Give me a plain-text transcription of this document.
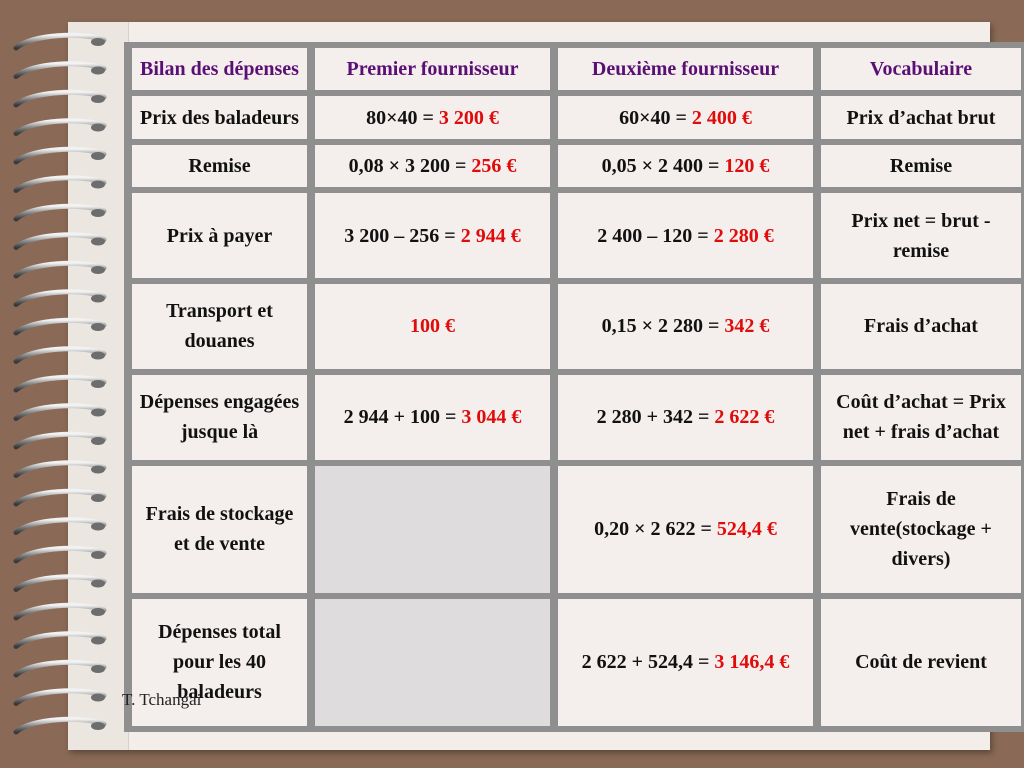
Bilan des dépenses	Premier fournisseur	Deuxième fournisseur	Vocabulaire
Prix des baladeurs	80×40 = 3 200 €	60×40 = 2 400 €	Prix d’achat brut
Remise	0,08 × 3 200 = 256 €	0,05 × 2 400 = 120 €	Remise
Prix à payer	3 200 – 256 = 2 944 €	2 400 – 120 = 2 280 €	Prix net = brut - remise
Transport et douanes	100 €	0,15 × 2 280 = 342 €	Frais d’achat
Dépenses engagées jusque là	2 944 + 100 = 3 044 €	2 280 + 342 = 2 622 €	Coût d’achat = Prix net + frais d’achat
Frais de stockage et de vente		0,20 × 2 622 = 524,4 €	Frais de vente(stockage + divers)
Dépenses total pour les 40 baladeurs		2 622 + 524,4 = 3 146,4 €	Coût de revient
T. Tchangai
